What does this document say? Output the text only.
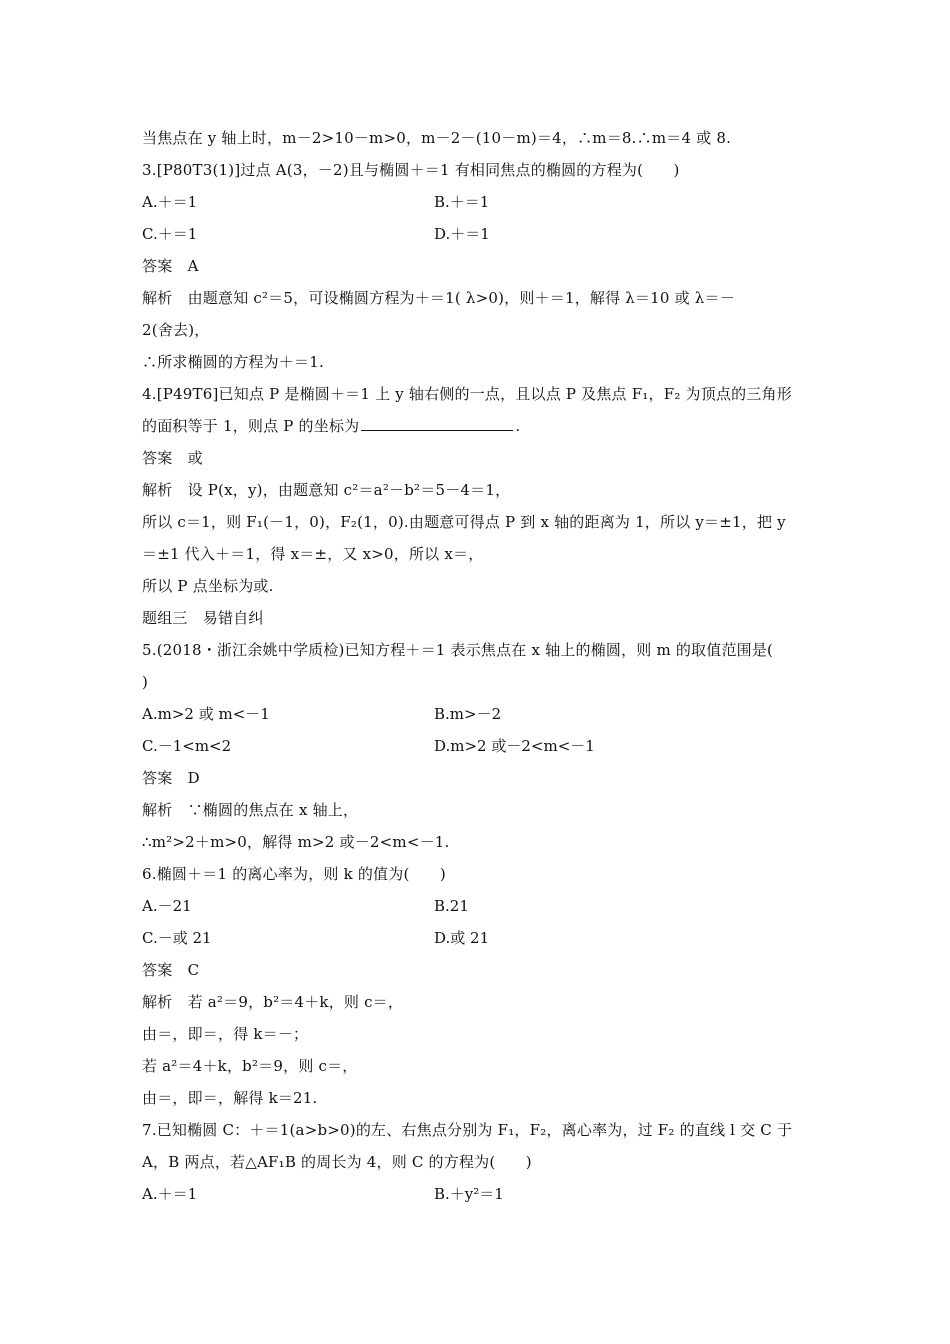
当焦点在 y 轴上时，m－2>10－m>0，m－2－(10－m)＝4，∴m＝8.∴m＝4 或 8.
3.[P80T3(1)]过点 A(3，－2)且与椭圆＋＝1 有相同焦点的椭圆的方程为(　　)
A.＋＝1	B.＋＝1
C.＋＝1	D.＋＝1
答案　A
解析　由题意知 c²＝5，可设椭圆方程为＋＝1( λ>0)，则＋＝1，解得 λ＝10 或 λ＝－
2(舍去)，
∴所求椭圆的方程为＋＝1.
4.[P49T6]已知点 P 是椭圆＋＝1 上 y 轴右侧的一点，且以点 P 及焦点 F₁，F₂ 为顶点的三角形
的面积等于 1，则点 P 的坐标为	.
答案　或
解析　设 P(x，y)，由题意知 c²＝a²－b²＝5－4＝1，
所以 c＝1，则 F₁(－1，0)，F₂(1，0).由题意可得点 P 到 x 轴的距离为 1，所以 y＝±1，把 y
＝±1 代入＋＝1，得 x＝±，又 x>0，所以 x＝，
所以 P 点坐标为或.
题组三　易错自纠
5.(2018・浙江余姚中学质检)已知方程＋＝1 表示焦点在 x 轴上的椭圆，则 m 的取值范围是(
)
A.m>2 或 m<－1	B.m>－2
C.－1<m<2	D.m>2 或－2<m<－1
答案　D
解析　∵椭圆的焦点在 x 轴上，
∴m²>2＋m>0，解得 m>2 或－2<m<－1.
6.椭圆＋＝1 的离心率为，则 k 的值为(　　)
A.－21	B.21
C.－或 21	D.或 21
答案　C
解析　若 a²＝9，b²＝4＋k，则 c＝，
由＝，即＝，得 k＝－；
若 a²＝4＋k，b²＝9，则 c＝，
由＝，即＝，解得 k＝21.
7.已知椭圆 C：＋＝1(a>b>0)的左、右焦点分别为 F₁，F₂，离心率为，过 F₂ 的直线 l 交 C 于
A，B 两点，若△AF₁B 的周长为 4，则 C 的方程为(　　)
A.＋＝1	B.＋y²＝1
